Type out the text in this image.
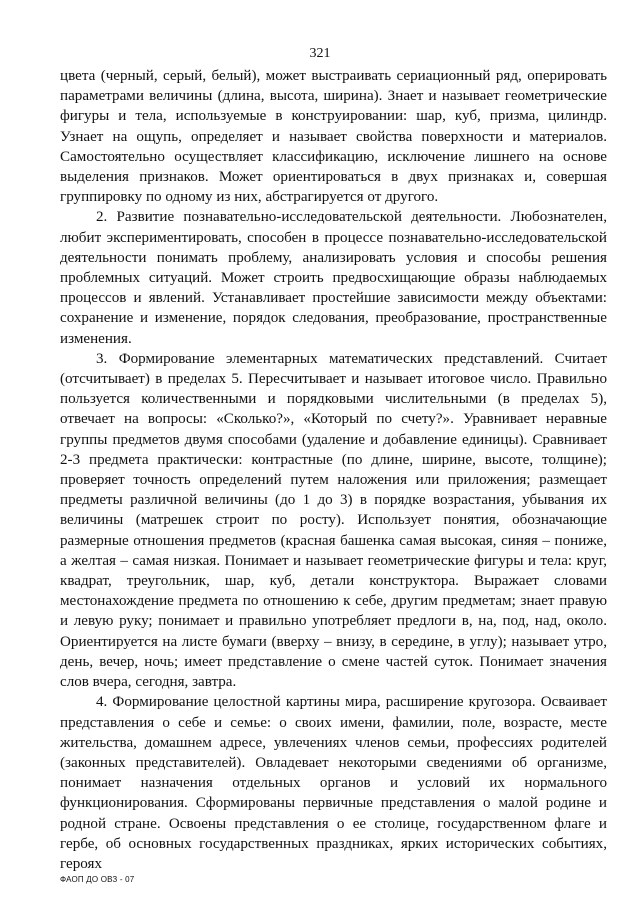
321

цвета (черный, серый, белый), может выстраивать сериационный ряд, оперировать параметрами величины (длина, высота, ширина). Знает и называет геометрические фигуры и тела, используемые в конструировании: шар, куб, призма, цилиндр. Узнает на ощупь, определяет и называет свойства поверхности и материалов. Самостоятельно осуществляет классификацию, исключение лишнего на основе выделения признаков. Может ориентироваться в двух признаках и, совершая группировку по одному из них, абстрагируется от другого.

2. Развитие познавательно-исследовательской деятельности. Любознателен, любит экспериментировать, способен в процессе познавательно-исследовательской деятельности понимать проблему, анализировать условия и способы решения проблемных ситуаций. Может строить предвосхищающие образы наблюдаемых процессов и явлений. Устанавливает простейшие зависимости между объектами: сохранение и изменение, порядок следования, преобразование, пространственные изменения.

3. Формирование элементарных математических представлений. Считает (отсчитывает) в пределах 5. Пересчитывает и называет итоговое число. Правильно пользуется количественными и порядковыми числительными (в пределах 5), отвечает на вопросы: «Сколько?», «Который по счету?». Уравнивает неравные группы предметов двумя способами (удаление и добавление единицы). Сравнивает 2-3 предмета практически: контрастные (по длине, ширине, высоте, толщине); проверяет точность определений путем наложения или приложения; размещает предметы различной величины (до 1 до 3) в порядке возрастания, убывания их величины (матрешек строит по росту). Использует понятия, обозначающие размерные отношения предметов (красная башенка самая высокая, синяя – пониже, а желтая – самая низкая. Понимает и называет геометрические фигуры и тела: круг, квадрат, треугольник, шар, куб, детали конструктора. Выражает словами местонахождение предмета по отношению к себе, другим предметам; знает правую и левую руку; понимает и правильно употребляет предлоги в, на, под, над, около. Ориентируется на листе бумаги (вверху – внизу, в середине, в углу); называет утро, день, вечер, ночь; имеет представление о смене частей суток. Понимает значения слов вчера, сегодня, завтра.

4. Формирование целостной картины мира, расширение кругозора. Осваивает представления о себе и семье: о своих имени, фамилии, поле, возрасте, месте жительства, домашнем адресе, увлечениях членов семьи, профессиях родителей (законных представителей). Овладевает некоторыми сведениями об организме, понимает назначения отдельных органов и условий их нормального функционирования. Сформированы первичные представления о малой родине и родной стране. Освоены представления о ее столице, государственном флаге и гербе, об основных государственных праздниках, ярких исторических событиях, героях

ФАОП ДО ОВЗ - 07
